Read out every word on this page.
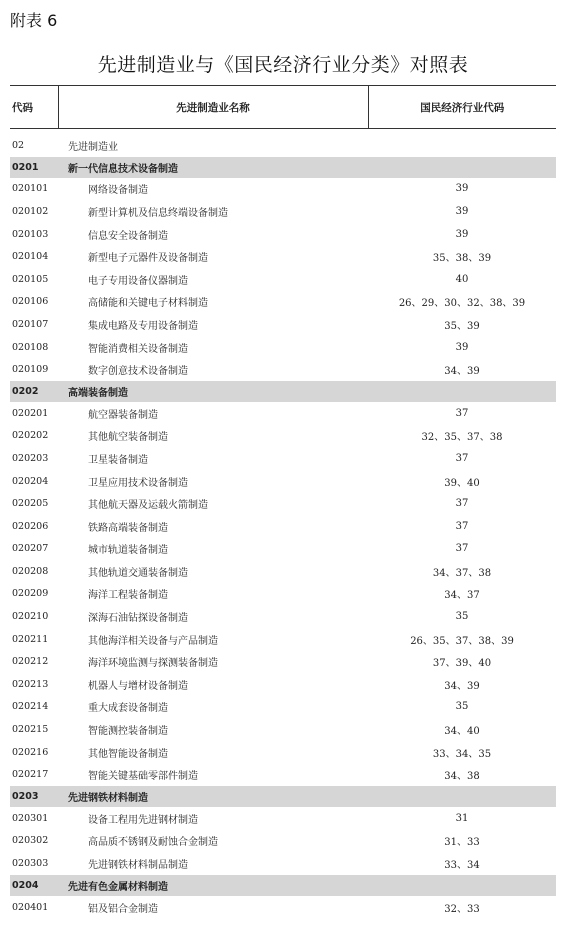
附表 6
先进制造业与《国民经济行业分类》对照表
代码	先进制造业名称	国民经济行业代码

02	先进制造业	
0201	新一代信息技术设备制造	
020101	网络设备制造	39
020102	新型计算机及信息终端设备制造	39
020103	信息安全设备制造	39
020104	新型电子元器件及设备制造	35、38、39
020105	电子专用设备仪器制造	40
020106	高储能和关键电子材料制造	26、29、30、32、38、39
020107	集成电路及专用设备制造	35、39
020108	智能消费相关设备制造	39
020109	数字创意技术设备制造	34、39
0202	高端装备制造	
020201	航空器装备制造	37
020202	其他航空装备制造	32、35、37、38
020203	卫星装备制造	37
020204	卫星应用技术设备制造	39、40
020205	其他航天器及运载火箭制造	37
020206	铁路高端装备制造	37
020207	城市轨道装备制造	37
020208	其他轨道交通装备制造	34、37、38
020209	海洋工程装备制造	34、37
020210	深海石油钻探设备制造	35
020211	其他海洋相关设备与产品制造	26、35、37、38、39
020212	海洋环境监测与探测装备制造	37、39、40
020213	机器人与增材设备制造	34、39
020214	重大成套设备制造	35
020215	智能测控装备制造	34、40
020216	其他智能设备制造	33、34、35
020217	智能关键基础零部件制造	34、38
0203	先进钢铁材料制造	
020301	设备工程用先进钢材制造	31
020302	高品质不锈钢及耐蚀合金制造	31、33
020303	先进钢铁材料制品制造	33、34
0204	先进有色金属材料制造	
020401	铝及铝合金制造	32、33
